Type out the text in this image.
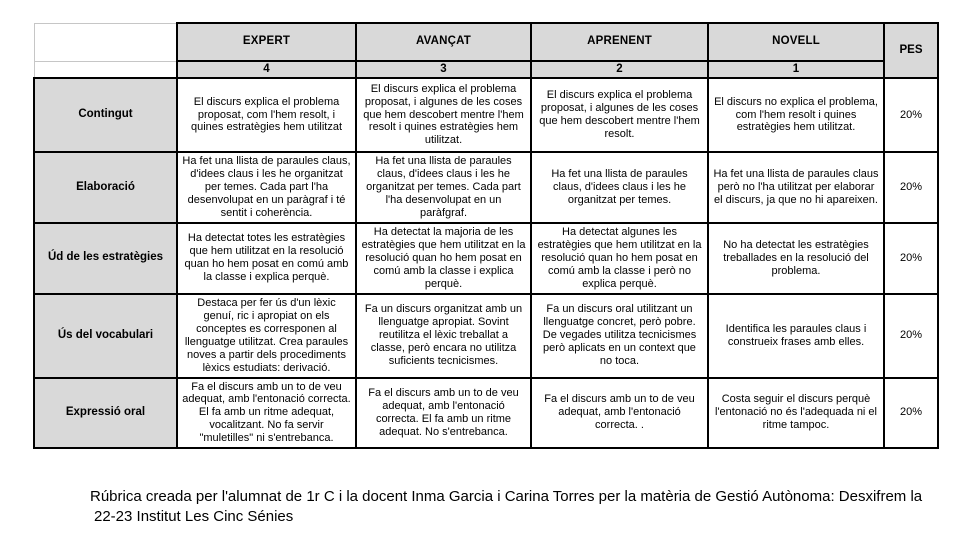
	EXPERT	AVANÇAT	APRENENT	NOVELL	PES
	4	3	2	1	
Contingut	El discurs explica el problema proposat, com l'hem resolt, i quines estratègies hem utilitzat	El discurs explica el problema proposat, i algunes de les coses que hem descobert mentre l'hem resolt i quines estratègies hem utilitzat.	El discurs explica el problema proposat, i algunes de les coses que hem descobert mentre l'hem resolt.	El discurs no explica el problema, com l'hem resolt i quines estratègies hem utilitzat.	20%
Elaboració	Ha fet una llista de paraules claus, d'idees claus i les he organitzat per temes. Cada part l'ha desenvolupat en un paràgraf i té sentit i coherència.	Ha fet una llista de paraules claus, d'idees claus i les he organitzat per temes. Cada part l'ha desenvolupat en un paràfgraf.	Ha fet una llista de paraules claus, d'idees claus i les he organitzat per temes.	Ha fet una llista de paraules claus però no l'ha utilitzat per elaborar el discurs, ja que no hi apareixen.	20%
Úd de les estratègies	Ha detectat totes les estratègies que hem utilitzat en la resolució quan ho hem posat en comú amb la classe i explica perquè.	Ha detectat la majoria de les estratègies que hem utilitzat en la resolució quan ho hem posat en comú amb la classe i explica perquè.	Ha detectat algunes les estratègies que hem utilitzat en la resolució quan ho hem posat en comú amb la classe i però no explica perquè.	No ha detectat les estratègies treballades en la resolució del problema.	20%
Ús del vocabulari	Destaca per fer ús d'un lèxic genuí, ric i apropiat on els conceptes es corresponen al llenguatge utilitzat. Crea paraules noves a partir dels procediments lèxics estudiats: derivació.	Fa un discurs organitzat amb un llenguatge apropiat. Sovint reutilitza el lèxic treballat a classe, però encara no utilitza suficients tecnicismes.	Fa un discurs oral utilitzant un llenguatge concret, però pobre. De vegades utilitza tecnicismes però aplicats en un context que no toca.	Identifica les paraules claus i construeix frases amb elles.	20%
Expressió oral	Fa el discurs amb un to de veu adequat, amb l'entonació correcta. El fa amb un ritme adequat, vocalitzant. No fa servir "muletilles" ni s'entrebanca.	Fa el discurs amb un to de veu adequat, amb l'entonació correcta. El fa amb un ritme adequat. No s'entrebanca.	Fa el discurs amb un to de veu adequat, amb l'entonació correcta. .	Costa seguir el discurs perquè l'entonació no és l'adequada ni el ritme tampoc.	20%
Rúbrica creada per l'alumnat de 1r C i la docent Inma Garcia i Carina Torres per la matèria de Gestió Autònoma: Desxifrem la
22-23 Institut Les Cinc Sénies
